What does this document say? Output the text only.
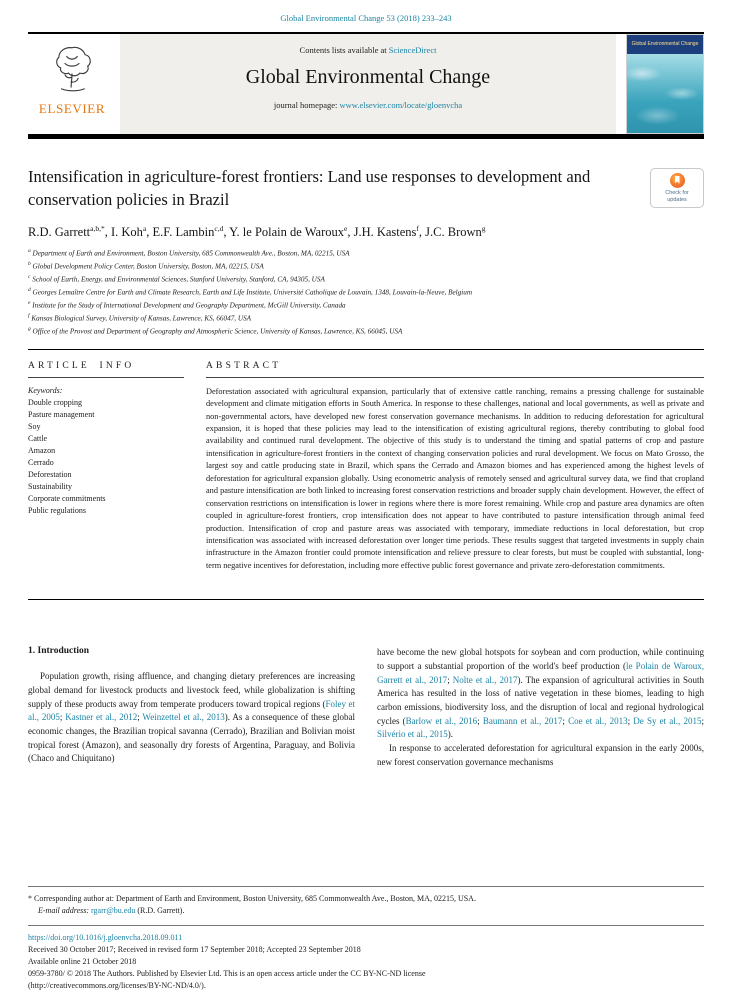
Global Environmental Change 53 (2018) 233–243
ELSEVIER
Contents lists available at ScienceDirect
Global Environmental Change
journal homepage: www.elsevier.com/locate/gloenvcha
Global Environmental Change
Intensification in agriculture-forest frontiers: Land use responses to development and conservation policies in Brazil	Check for updates
R.D. Garrett$^{a,b,*}$, I. Koh$^a$, E.F. Lambin$^{c,d}$, Y. le Polain de Waroux$^e$, J.H. Kastens$^f$, J.C. Brown$^g$
$^a$ Department of Earth and Environment, Boston University, 685 Commonwealth Ave., Boston, MA, 02215, USA
$^b$ Global Development Policy Center, Boston University, Boston, MA, 02215, USA
$^c$ School of Earth, Energy, and Environmental Sciences, Stanford University, Stanford, CA, 94305, USA
$^d$ Georges Lemaître Centre for Earth and Climate Research, Earth and Life Institute, Université Catholique de Louvain, 1348, Louvain-la-Neuve, Belgium
$^e$ Institute for the Study of International Development and Geography Department, McGill University, Canada
$^f$ Kansas Biological Survey, University of Kansas, Lawrence, KS, 66047, USA
$^g$ Office of the Provost and Department of Geography and Atmospheric Science, University of Kansas, Lawrence, KS, 66045, USA
ARTICLE INFO
Keywords:
Double cropping
Pasture management
Soy
Cattle
Amazon
Cerrado
Deforestation
Sustainability
Corporate commitments
Public regulations
ABSTRACT

Deforestation associated with agricultural expansion, particularly that of extensive cattle ranching, remains a pressing challenge for sustainable development and climate mitigation efforts in South America. In response to these challenges, national and local governments, as well as private and non-governmental actors, have developed new forest conservation governance mechanisms. In addition to reducing deforestation for agricultural expansion, it is hoped that these policies may lead to the intensification of existing agricultural regions, thereby contributing to global food availability and continued rural development. The objective of this study is to understand the timing and spatial patterns of crop and pasture intensification in agriculture-forest frontiers in the context of changing conservation policies and rural development. We focus on Mato Grosso, the largest soy and cattle producing state in Brazil, which spans the Cerrado and Amazon biomes and has experienced among the highest levels of deforestation for agricultural expansion globally. Using econometric analysis of remotely sensed and agricultural survey data, we find that cropland and pasture intensification are both linked to increasing forest conservation restrictions and broader supply chain development. However, the effect of conservation restrictions on intensification is lower in regions where there is more forest remaining. While crop and pasture area dynamics are often coupled in agriculture-forest frontiers, crop intensification does not appear to have contributed to pasture intensification through animal feed production. Intensification of crop and pasture areas was associated with temporary, immediate reductions in local deforestation, but crop intensification was associated with increased deforestation over longer time periods. These results suggest that targeted investments in supply chain infrastructure in the Amazon frontier could promote intensification and relieve pressure to clear forests, but must be coupled with substantial, long-term negative incentives for deforestation, including more effective public forest governance and private zero-deforestation commitments.

1. Introduction

Population growth, rising affluence, and changing dietary preferences are increasing global demand for livestock products and livestock feed, while globalization is shifting supply of these products away from temperate producers toward tropical regions (Foley et al., 2005; Kastner et al., 2012; Weinzettel et al., 2013). As a consequence of these global economic changes, the Brazilian tropical savanna (Cerrado), Brazilian and Bolivian moist tropical forest (Amazon), and seasonally dry forests of Argentina, Paraguay, and Bolivia (Chaco and Chiquitano)

have become the new global hotspots for soybean and corn production, while continuing to support a substantial proportion of the world's beef production (le Polain de Waroux, Garrett et al., 2017; Nolte et al., 2017). The expansion of agricultural activities in South America has resulted in the loss of native vegetation in these biomes, leading to high carbon emissions, biodiversity loss, and the disruption of local and regional hydrological cycles (Barlow et al., 2016; Baumann et al., 2017; Coe et al., 2013; De Sy et al., 2015; Silvério et al., 2015).

In response to accelerated deforestation for agricultural expansion in the early 2000s, new forest conservation governance mechanisms

* Corresponding author at: Department of Earth and Environment, Boston University, 685 Commonwealth Ave., Boston, MA, 02215, USA.
E-mail address: rgarr@bu.edu (R.D. Garrett).
https://doi.org/10.1016/j.gloenvcha.2018.09.011
Received 30 October 2017; Received in revised form 17 September 2018; Accepted 23 September 2018
Available online 21 October 2018
0959-3780/ © 2018 The Authors. Published by Elsevier Ltd. This is an open access article under the CC BY-NC-ND license
(http://creativecommons.org/licenses/BY-NC-ND/4.0/).
